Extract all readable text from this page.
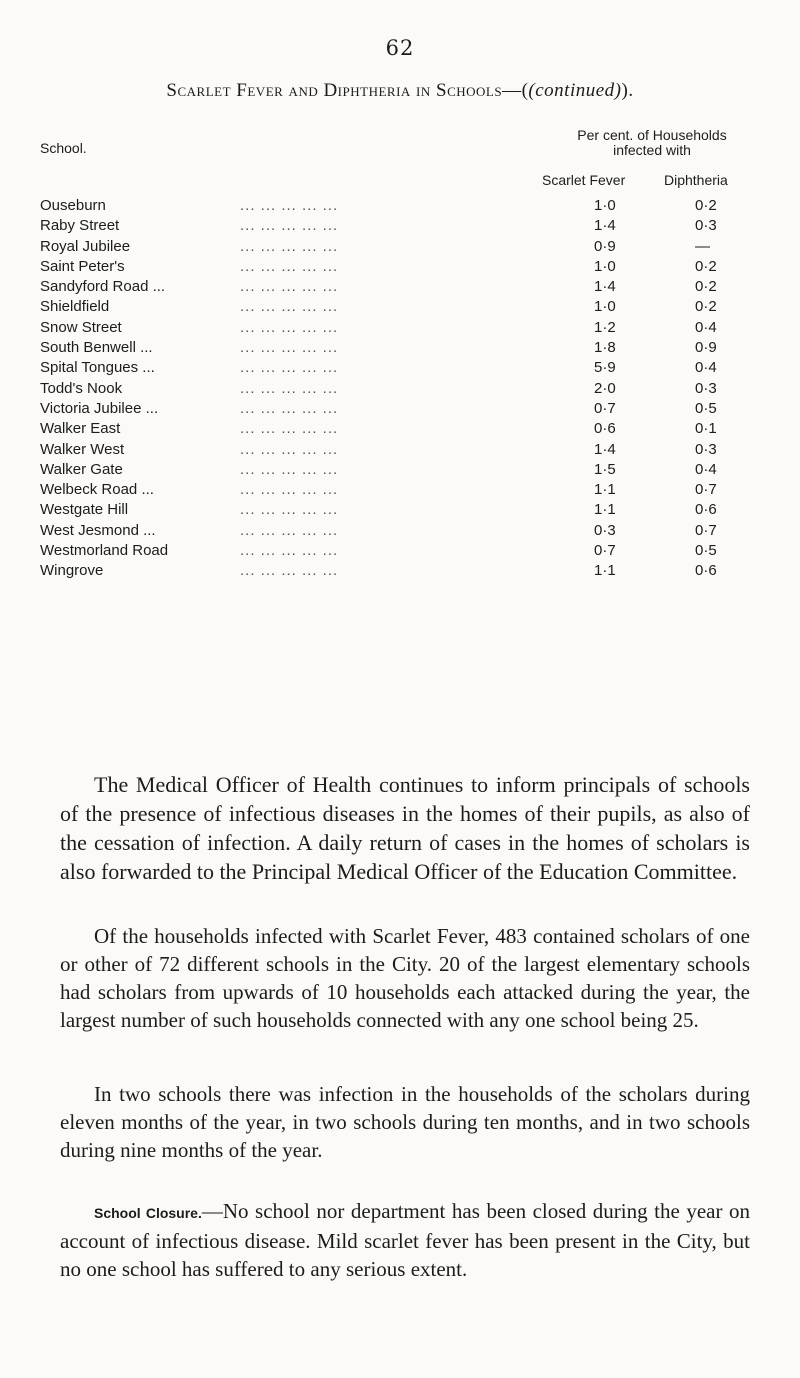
62
Scarlet Fever and Diphtheria in Schools—((continued)).
School.
Per cent. of Households
infected with
Scarlet Fever	Diphtheria
Ouseburn	... ... ... ... ...	1·0	0·2
Raby Street	... ... ... ... ...	1·4	0·3
Royal Jubilee	... ... ... ... ...	0·9	—
Saint Peter's	... ... ... ... ...	1·0	0·2
Sandyford Road ...	... ... ... ... ...	1·4	0·2
Shieldfield	... ... ... ... ...	1·0	0·2
Snow Street	... ... ... ... ...	1·2	0·4
South Benwell ...	... ... ... ... ...	1·8	0·9
Spital Tongues ...	... ... ... ... ...	5·9	0·4
Todd's Nook	... ... ... ... ...	2·0	0·3
Victoria Jubilee ...	... ... ... ... ...	0·7	0·5
Walker East	... ... ... ... ...	0·6	0·1
Walker West	... ... ... ... ...	1·4	0·3
Walker Gate	... ... ... ... ...	1·5	0·4
Welbeck Road ...	... ... ... ... ...	1·1	0·7
Westgate Hill	... ... ... ... ...	1·1	0·6
West Jesmond ...	... ... ... ... ...	0·3	0·7
Westmorland Road	... ... ... ... ...	0·7	0·5
Wingrove	... ... ... ... ...	1·1	0·6

The Medical Officer of Health continues to inform principals of schools of the presence of infectious diseases in the homes of their pupils, as also of the cessation of infection. A daily return of cases in the homes of scholars is also forwarded to the Principal Medical Officer of the Education Committee.

Of the households infected with Scarlet Fever, 483 contained scholars of one or other of 72 different schools in the City. 20 of the largest elementary schools had scholars from upwards of 10 households each attacked during the year, the largest number of such households connected with any one school being 25.

In two schools there was infection in the households of the scholars during eleven months of the year, in two schools during ten months, and in two schools during nine months of the year.

School Closure.—No school nor department has been closed during the year on account of infectious disease. Mild scarlet fever has been present in the City, but no one school has suffered to any serious extent.
